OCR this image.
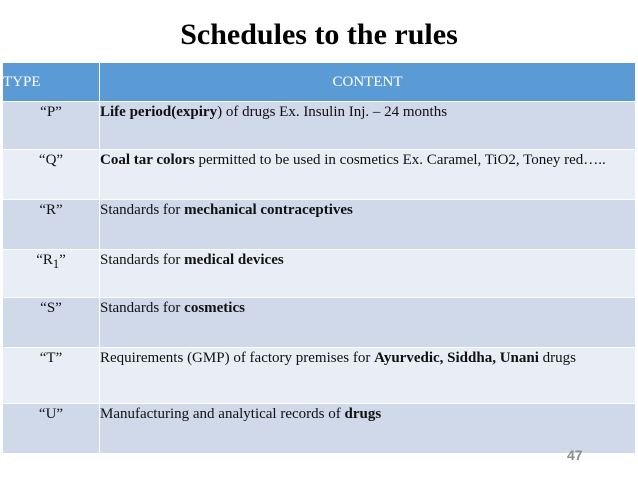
Schedules to the rules
TYPE	CONTENT
“P”	Life period(expiry) of drugs Ex. Insulin Inj. – 24 months
“Q”	Coal tar colors permitted to be used in cosmetics Ex. Caramel, TiO2, Toney red…..
“R”	Standards for mechanical contraceptives
“$R_1$”	Standards for medical devices
“S”	Standards for cosmetics
“T”	Requirements (GMP) of factory premises for Ayurvedic, Siddha, Unani drugs
“U”	Manufacturing and analytical records of drugs
47
